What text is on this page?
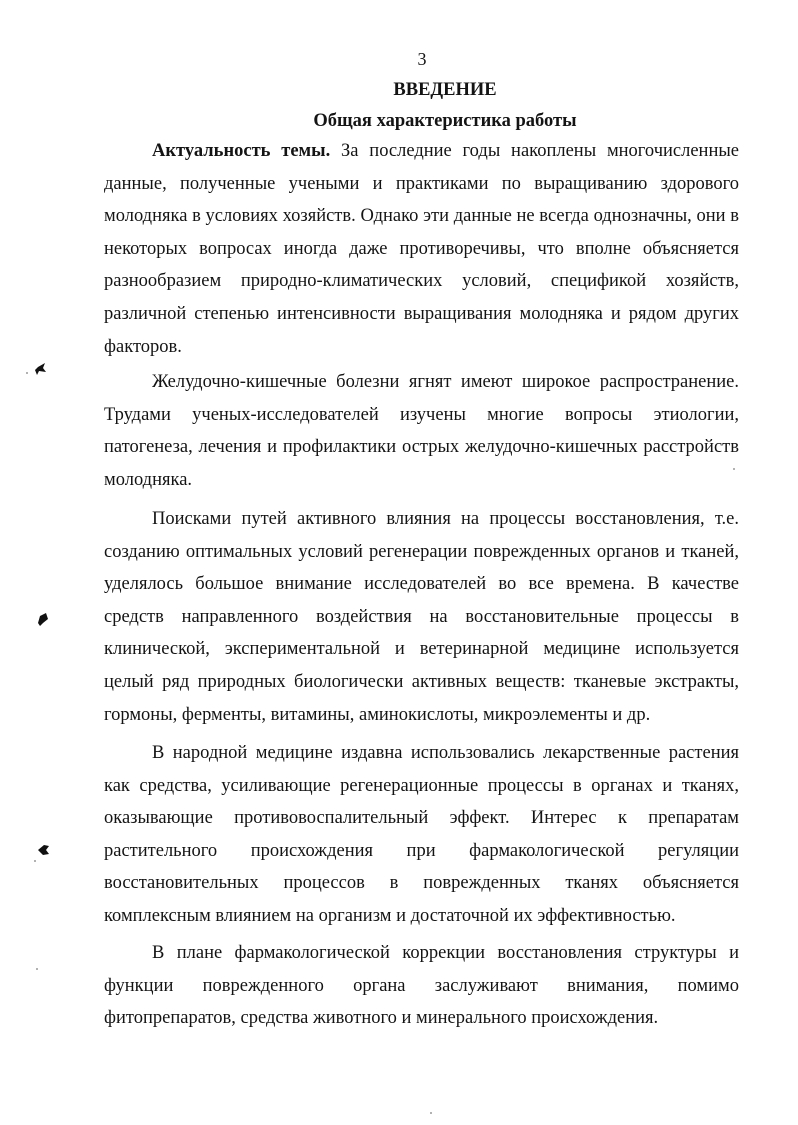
3
ВВЕДЕНИЕ
Общая характеристика работы

Актуальность темы. За последние годы накоплены многочисленные данные, полученные учеными и практиками по выращиванию здорового молодняка в условиях хозяйств. Однако эти данные не всегда однозначны, они в некоторых вопросах иногда даже противоречивы, что вполне объясняется разнообразием природно-климатических условий, спецификой хозяйств, различной степенью интенсивности выращивания молодняка и рядом других факторов.

Желудочно-кишечные болезни ягнят имеют широкое распространение. Трудами ученых-исследователей изучены многие вопросы этиологии, патогенеза, лечения и профилактики острых желудочно-кишечных расстройств молодняка.

Поисками путей активного влияния на процессы восстановления, т.е. созданию оптимальных условий регенерации поврежденных органов и тканей, уделялось большое внимание исследователей во все времена. В качестве средств направленного воздействия на восстановительные процессы в клинической, экспериментальной и ветеринарной медицине используется целый ряд природных биологически активных веществ: тканевые экстракты, гормоны, ферменты, витамины, аминокислоты, микроэлементы и др.

В народной медицине издавна использовались лекарственные растения как средства, усиливающие регенерационные процессы в органах и тканях, оказывающие противовоспалительный эффект. Интерес к препаратам растительного происхождения при фармакологической регуляции восстановительных процессов в поврежденных тканях объясняется комплексным влиянием на организм и достаточной их эффективностью.

В плане фармакологической коррекции восстановления структуры и функции поврежденного органа заслуживают внимания, помимо фитопрепаратов, средства животного и минерального происхождения.
